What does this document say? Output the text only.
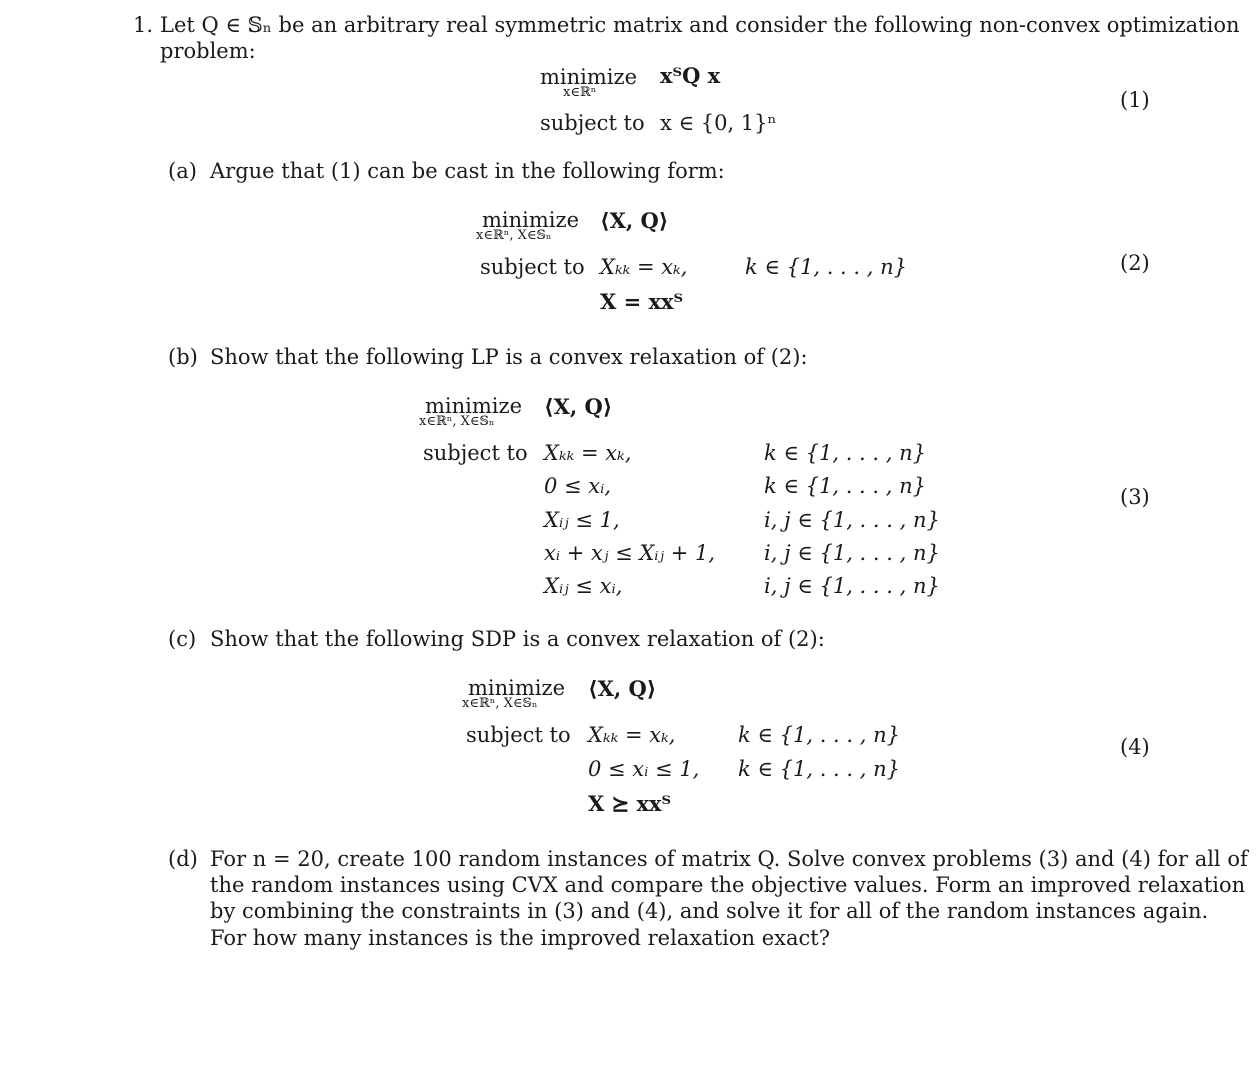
1. Let Q ∈ 𝕊ₙ be an arbitrary real symmetric matrix and consider the following non-convex optimization
problem:
minimize
x∈ℝⁿ
xᵀQ x
subject to x ∈ {0, 1}ⁿ
(1)
(a) Argue that (1) can be cast in the following form:
minimize
x∈ℝⁿ, X∈𝕊ₙ
⟨X, Q⟩
subject to Xₖₖ = xₖ,	k ∈ {1, . . . , n}
X = xxᵀ
(2)
(b) Show that the following LP is a convex relaxation of (2):
minimize
x∈ℝⁿ, X∈𝕊ₙ
⟨X, Q⟩
subject to Xₖₖ = xₖ,	k ∈ {1, . . . , n}
0 ≤ xᵢ,	k ∈ {1, . . . , n}
Xᵢⱼ ≤ 1,	i, j ∈ {1, . . . , n}
xᵢ + xⱼ ≤ Xᵢⱼ + 1, i, j ∈ {1, . . . , n}
Xᵢⱼ ≤ xᵢ,	i, j ∈ {1, . . . , n}
(3)
(c) Show that the following SDP is a convex relaxation of (2):
minimize
x∈ℝⁿ, X∈𝕊ₙ
⟨X, Q⟩
subject to Xₖₖ = xₖ,	k ∈ {1, . . . , n}
0 ≤ xᵢ ≤ 1, k ∈ {1, . . . , n}
X ⪰ xxᵀ
(4)
(d) For n = 20, create 100 random instances of matrix Q. Solve convex problems (3) and (4) for all of
the random instances using CVX and compare the objective values. Form an improved relaxation
by combining the constraints in (3) and (4), and solve it for all of the random instances again.
For how many instances is the improved relaxation exact?
